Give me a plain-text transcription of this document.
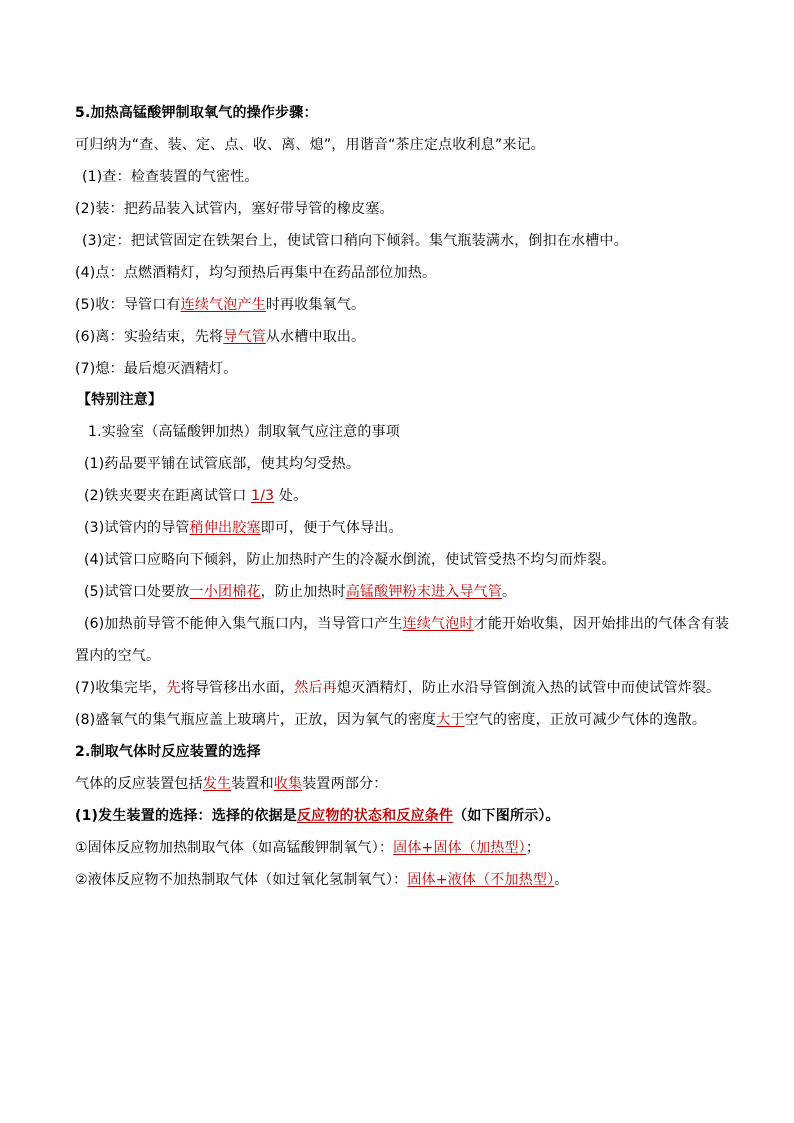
5.加热高锰酸钾制取氧气的操作步骤：
可归纳为“查、装、定、点、收、离、熄”，用谐音“茶庄定点收利息”来记。
(1)查：检查装置的气密性。
(2)装：把药品装入试管内，塞好带导管的橡皮塞。
(3)定：把试管固定在铁架台上，使试管口稍向下倾斜。集气瓶装满水，倒扣在水槽中。
(4)点：点燃酒精灯，均匀预热后再集中在药品部位加热。
(5)收：导管口有连续气泡产生时再收集氧气。
(6)离：实验结束，先将导气管从水槽中取出。
(7)熄：最后熄灭酒精灯。
【特别注意】
1.实验室（高锰酸钾加热）制取氧气应注意的事项
(1)药品要平铺在试管底部，使其均匀受热。
(2)铁夹要夹在距离试管口 1/3 处。
(3)试管内的导管稍伸出胶塞即可，便于气体导出。
(4)试管口应略向下倾斜，防止加热时产生的冷凝水倒流，使试管受热不均匀而炸裂。
(5)试管口处要放一小团棉花，防止加热时高锰酸钾粉末进入导气管。
(6)加热前导管不能伸入集气瓶口内，当导管口产生连续气泡时才能开始收集，因开始排出的气体含有装
置内的空气。
(7)收集完毕，先将导管移出水面，然后再熄灭酒精灯，防止水沿导管倒流入热的试管中而使试管炸裂。
(8)盛氧气的集气瓶应盖上玻璃片，正放，因为氧气的密度大于空气的密度，正放可减少气体的逸散。
2.制取气体时反应装置的选择
气体的反应装置包括发生装置和收集装置两部分：
(1)发生装置的选择：选择的依据是反应物的状态和反应条件（如下图所示）。
①固体反应物加热制取气体（如高锰酸钾制氧气）：固体+固体（加热型）；
②液体反应物不加热制取气体（如过氧化氢制氧气）：固体+液体（不加热型）。
